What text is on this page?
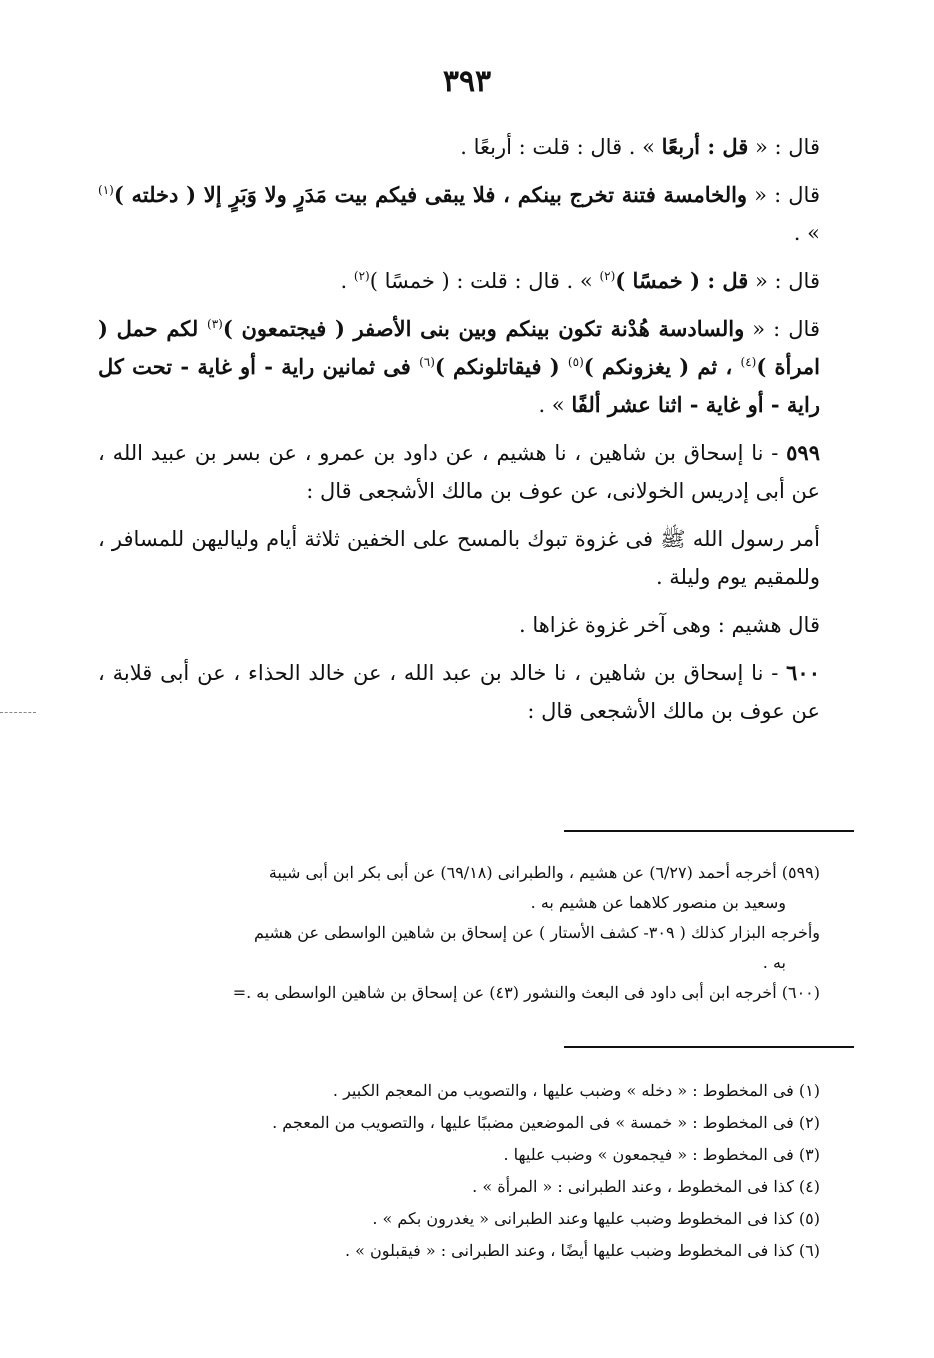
٣٩٣

قال : « قل : أربعًا » . قال : قلت : أربعًا .

قال : « والخامسة فتنة تخرج بينكم ، فلا يبقى فيكم بيت مَدَرٍ ولا وَبَرٍ إلا ( دخلته )$^{(١)}$ » .

قال : « قل : ( خمسًا )$^{(٢)}$ » . قال : قلت : ( خمسًا )$^{(٢)}$ .

قال : « والسادسة هُدْنة تكون بينكم وبين بنى الأصفر ( فيجتمعون )$^{(٣)}$ لكم حمل ( امرأة )$^{(٤)}$ ، ثم ( يغزونكم )$^{(٥)}$ ( فيقاتلونكم )$^{(٦)}$ فى ثمانين راية - أو غاية - تحت كل راية - أو غاية - اثنا عشر ألفًا » .

٥٩٩ - نا إسحاق بن شاهين ، نا هشيم ، عن داود بن عمرو ، عن بسر بن عبيد الله ، عن أبى إدريس الخولانى، عن عوف بن مالك الأشجعى قال :

أمر رسول الله ﷺ فى غزوة تبوك بالمسح على الخفين ثلاثة أيام ولياليهن للمسافر ، وللمقيم يوم وليلة .

قال هشيم : وهى آخر غزوة غزاها .

٦٠٠ - نا إسحاق بن شاهين ، نا خالد بن عبد الله ، عن خالد الحذاء ، عن أبى قلابة ، عن عوف بن مالك الأشجعى قال :

(٥٩٩) أخرجه أحمد (٦/٢٧) عن هشيم ، والطبرانى (٦٩/١٨) عن أبى بكر ابن أبى شيبة

وسعيد بن منصور كلاهما عن هشيم به .

وأخرجه البزار كذلك ( ٣٠٩- كشف الأستار ) عن إسحاق بن شاهين الواسطى عن هشيم

به .

(٦٠٠) أخرجه ابن أبى داود فى البعث والنشور (٤٣) عن إسحاق بن شاهين الواسطى به .=

(١) فى المخطوط : « دخله » وضبب عليها ، والتصويب من المعجم الكبير .

(٢) فى المخطوط : « خمسة » فى الموضعين مضببًا عليها ، والتصويب من المعجم .

(٣) فى المخطوط : « فيجمعون » وضبب عليها .

(٤) كذا فى المخطوط ، وعند الطبرانى : « المرأة » .

(٥) كذا فى المخطوط وضبب عليها وعند الطبرانى « يغدرون بكم » .

(٦) كذا فى المخطوط وضبب عليها أيضًا ، وعند الطبرانى : « فيقبلون » .
